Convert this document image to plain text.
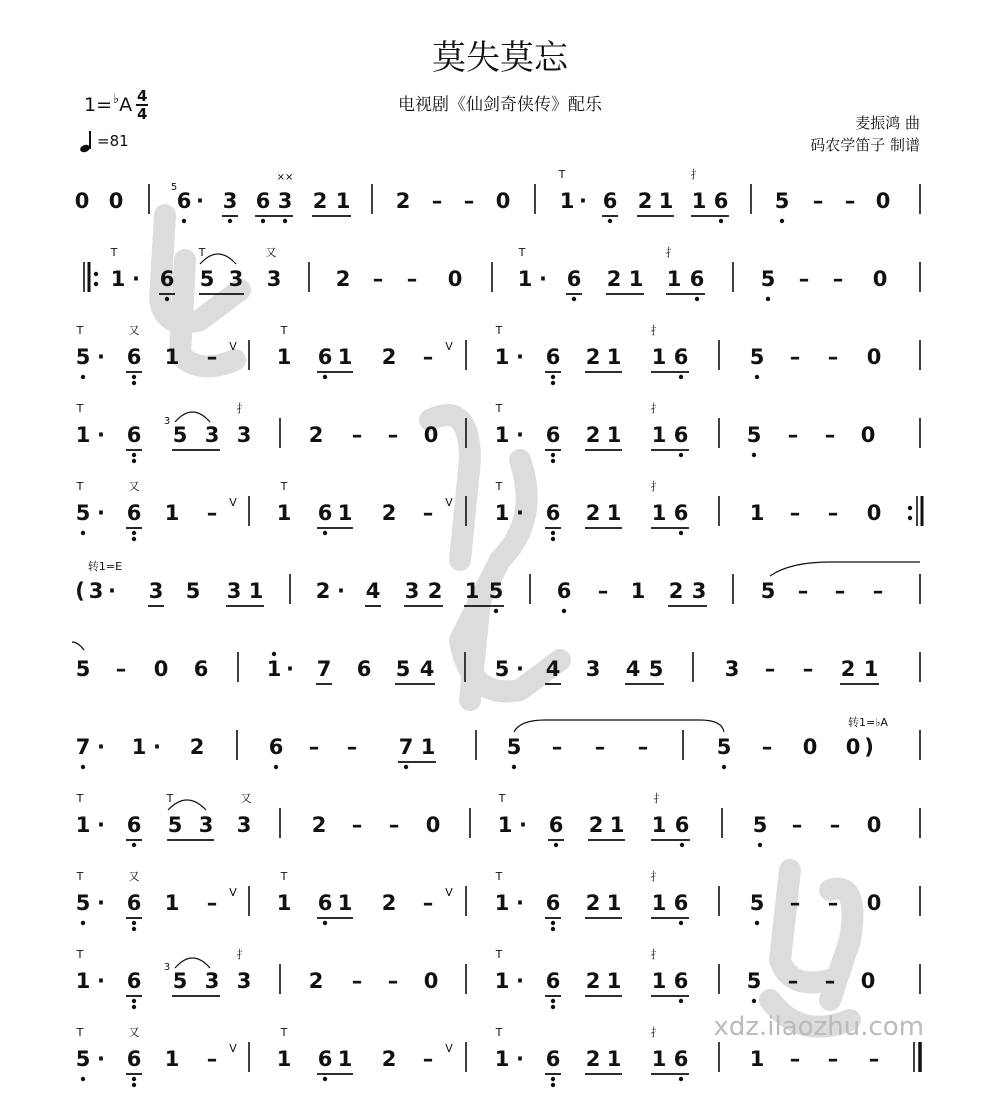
莫失莫忘
电视剧《仙剑奇侠传》配乐
1= ♭ A 4
4
=81
麦振鸿 曲
码农学笛子 制谱
0 0
5
6 · 3 6 3
⨯⨯
2 1 2 – – 0
T
1 · 6 2 1
扌
1 6 5 – – 0
T
1 · 6
T
5 3
又
3	2 – – 0
T
1 · 6 2 1
扌
1 6	5 – – 0
T
5 ·
又
6 1 – V
T
1 6 1 2 – V
T
1 · 6 2 1
扌
1 6	5 – – 0
T
1 · 6
3
5 3
扌
3	2 – – 0
T
1 · 6 2 1
扌
1 6	5 – – 0
T
5 ·
又
6 1 – V
T
1 6 1 2 – V
T
1 · 6 2 1
扌
1 6	1 – – 0
转1=E
( 3 · 3 5 3 1 2 · 4 3 2 1 5	6 – 1 2 3	5 – – –
5 – 0 6	1 · 7 6 5 4	5 · 4 3 4 5	3 – – 2 1
7 · 1 · 2	6 – – 7 1	5 – – –	5 – 0 0 )
转1=♭A
T
1 · 6
T
5 3
又
3	2 – – 0
T
1 · 6 2 1
扌
1 6	5 – – 0
T
5 ·
又
6 1 – V
T
1 6 1 2 – V
T
1 · 6 2 1
扌
1 6	5 – – 0
T
1 · 6
3
5 3
扌
3	2 – – 0
T
1 · 6 2 1
扌
1 6	5 – – 0
T
5 ·
又
6 1 – V
T
1 6 1 2 – V
T
1 · 6 2 1
扌
1 6	1 – – –
xdz.ilaozhu.com
